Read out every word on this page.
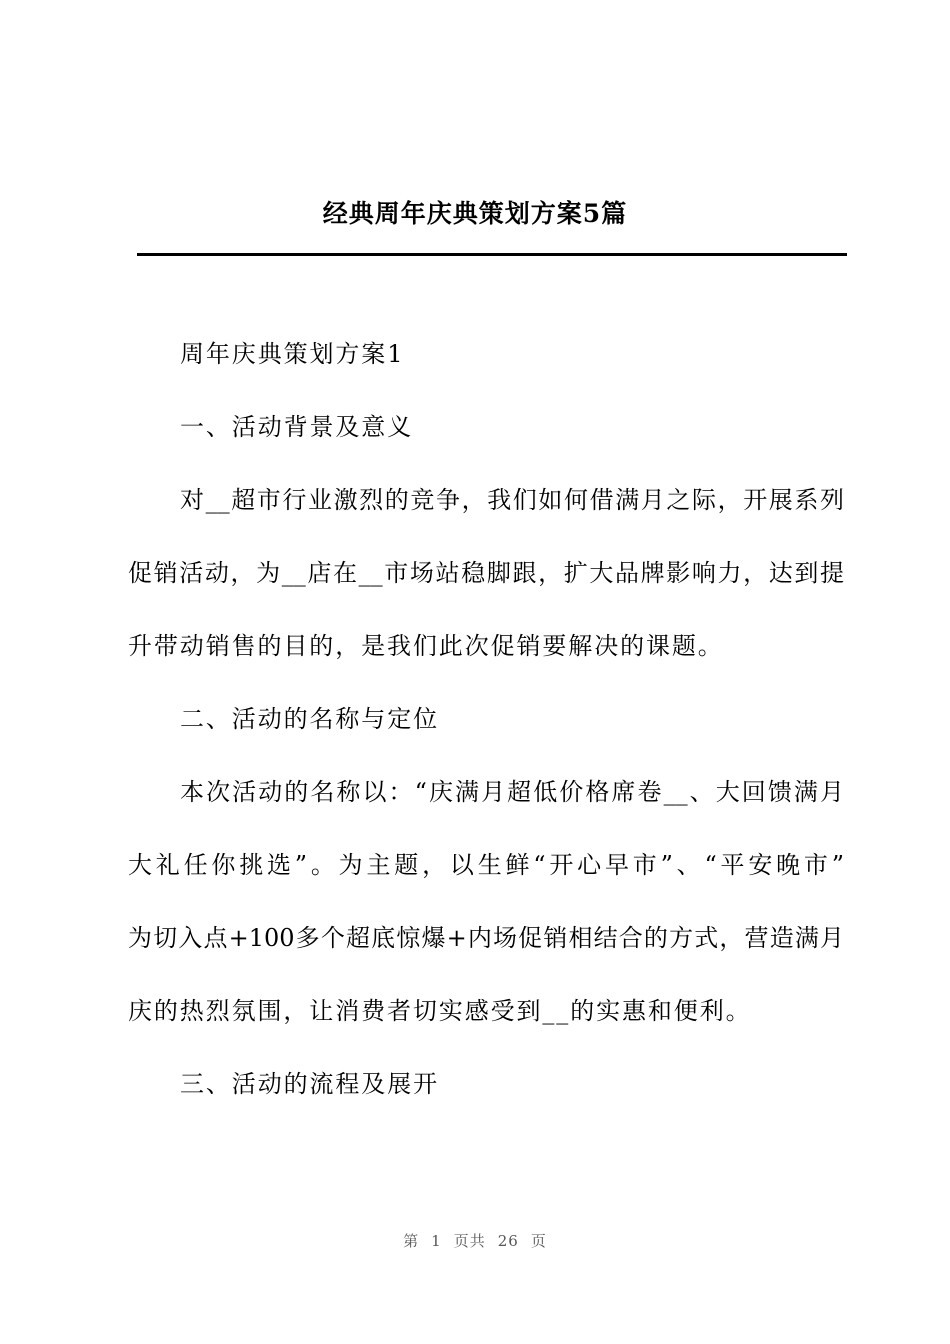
经典周年庆典策划方案5篇
周年庆典策划方案1
一、活动背景及意义
对__超市行业激烈的竞争，我们如何借满月之际，开展系列
促销活动，为__店在__市场站稳脚跟，扩大品牌影响力，达到提
升带动销售的目的，是我们此次促销要解决的课题。
二、活动的名称与定位
本次活动的名称以：“庆满月超低价格席卷__、大回馈满月
大礼任你挑选”。为主题，以生鲜“开心早市”、“平安晚市”
为切入点+100多个超底惊爆+内场促销相结合的方式，营造满月
庆的热烈氛围，让消费者切实感受到__的实惠和便利。
三、活动的流程及展开
第 1 页共 26 页
